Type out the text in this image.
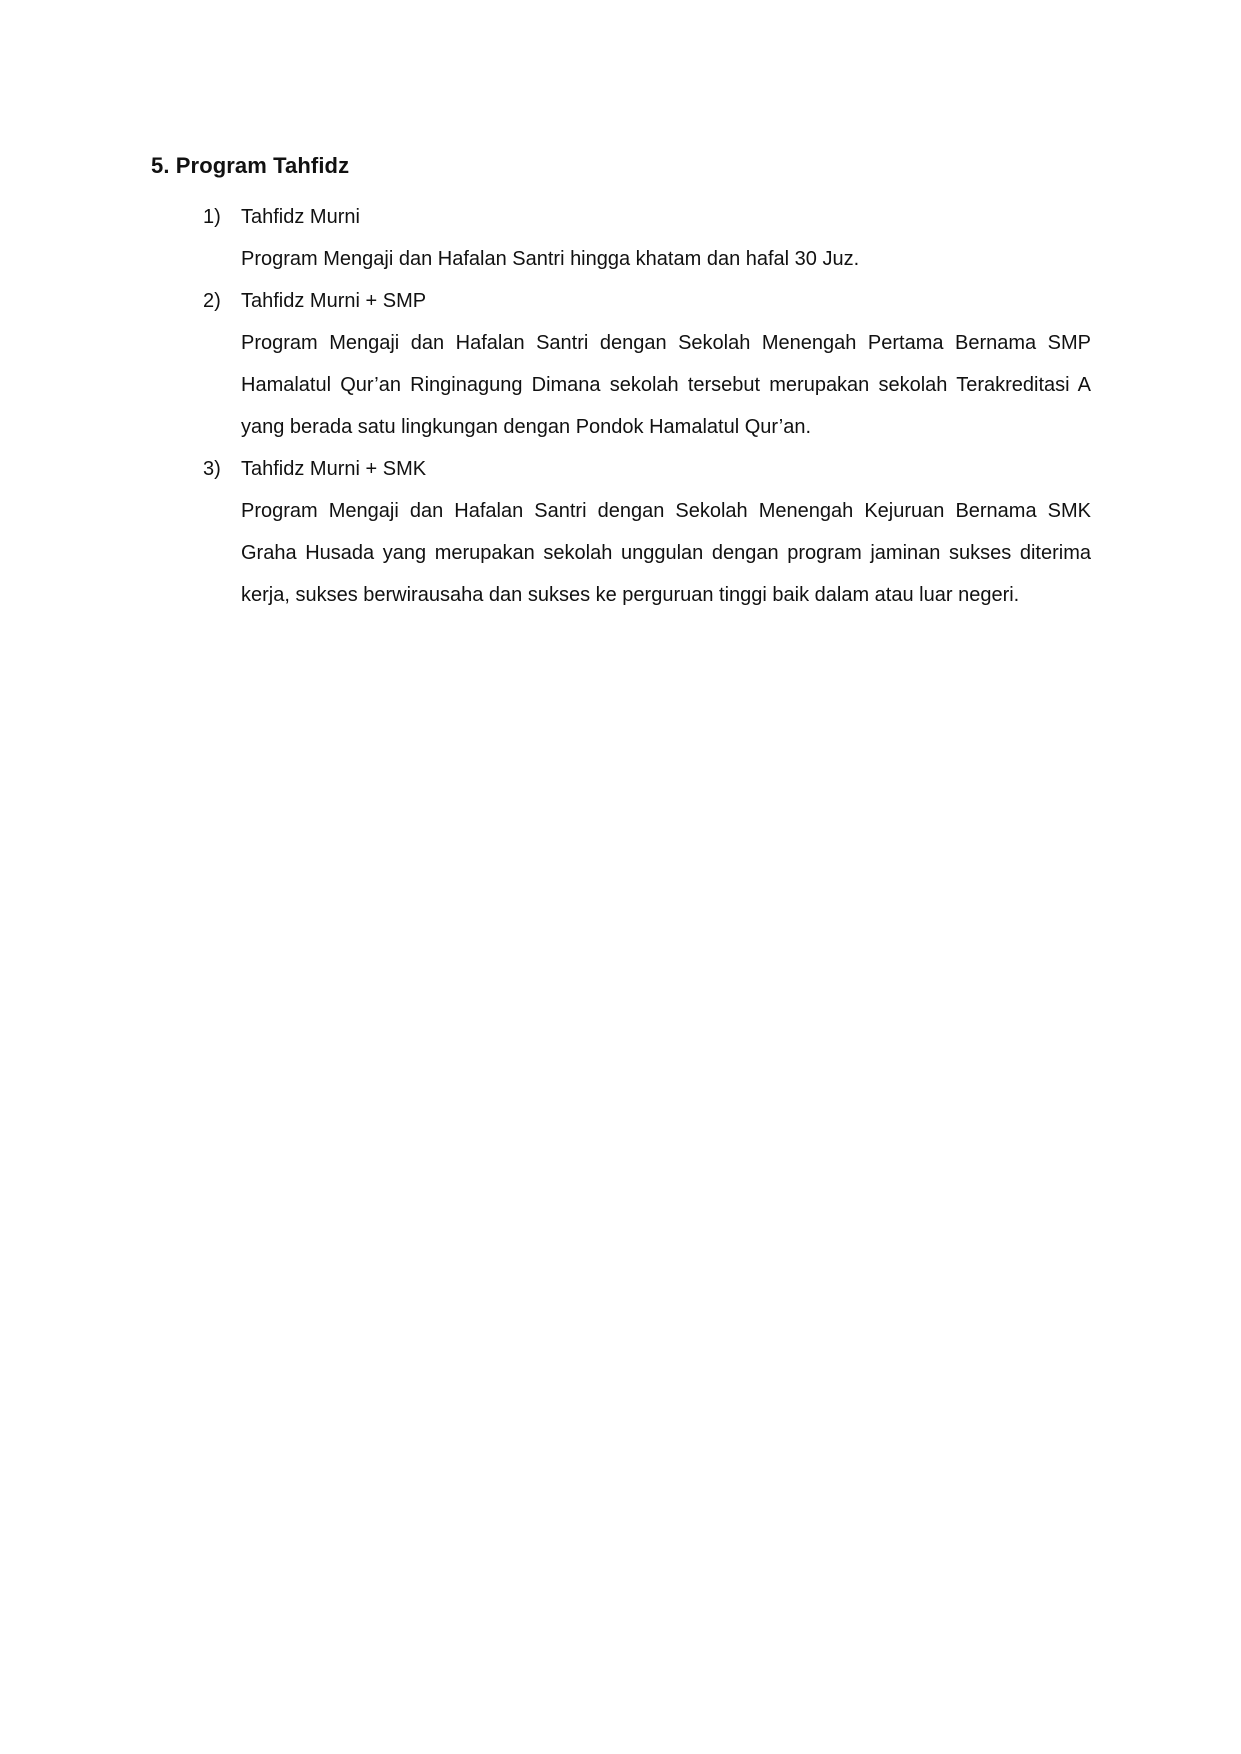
5. Program Tahfidz
1) Tahfidz Murni

Program Mengaji dan Hafalan Santri hingga khatam dan hafal 30 Juz.

2) Tahfidz Murni + SMP

Program Mengaji dan Hafalan Santri dengan Sekolah Menengah Pertama Bernama SMP Hamalatul Qur’an Ringinagung Dimana sekolah tersebut merupakan sekolah Terakreditasi A yang berada satu lingkungan dengan Pondok Hamalatul Qur’an.

3) Tahfidz Murni + SMK

Program Mengaji dan Hafalan Santri dengan Sekolah Menengah Kejuruan Bernama SMK Graha Husada yang merupakan sekolah unggulan dengan program jaminan sukses diterima kerja, sukses berwirausaha dan sukses ke perguruan tinggi baik dalam atau luar negeri.
